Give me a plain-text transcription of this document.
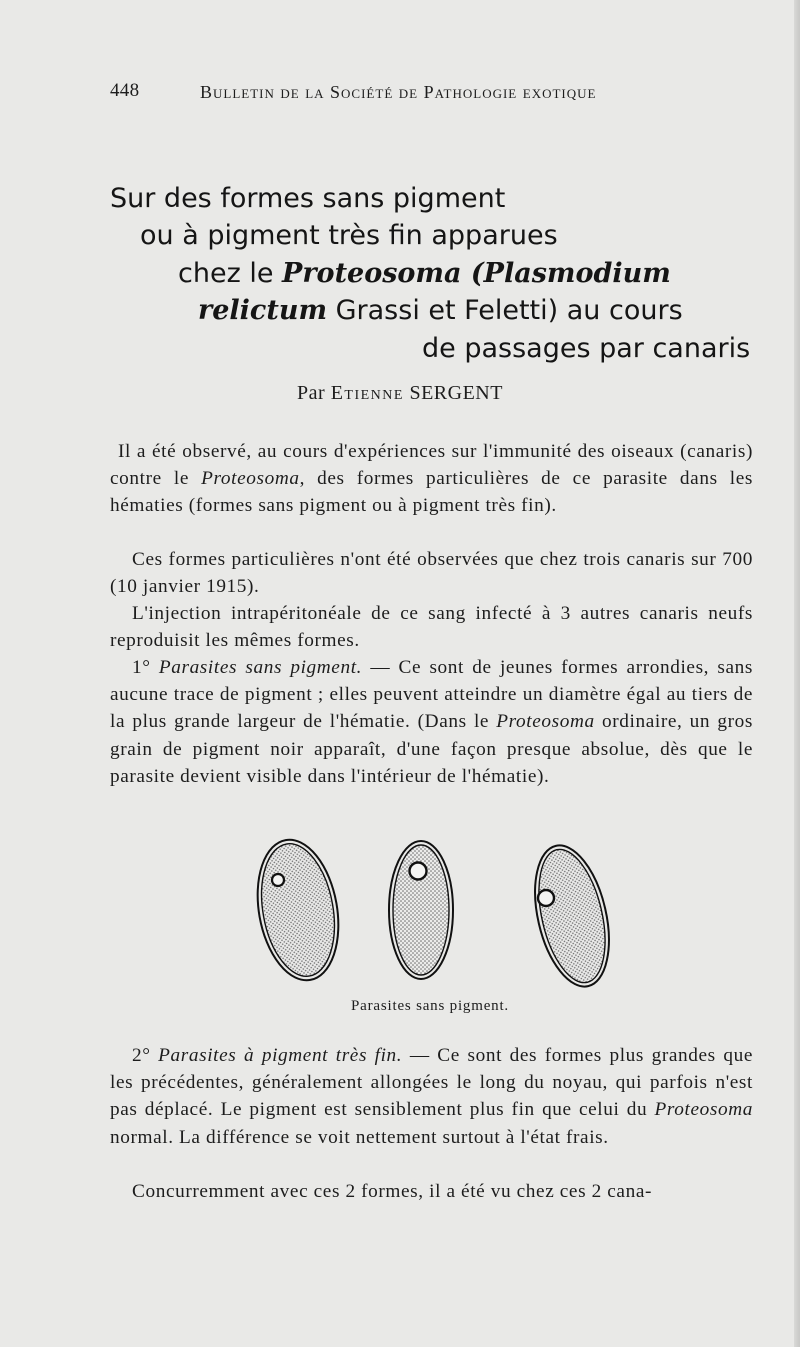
448	Bulletin de la Société de Pathologie exotique
Sur des formes sans pigment
ou à pigment très fin apparues
chez le Proteosoma (Plasmodium
relictum Grassi et Feletti) au cours
de passages par canaris
Par Etienne SERGENT
Il a été observé, au cours d'expériences sur l'immunité des oiseaux (canaris) contre le Proteosoma, des formes particulières de ce parasite dans les hématies (formes sans pigment ou à pigment très fin).
Ces formes particulières n'ont été observées que chez trois canaris sur 700 (10 janvier 1915).
L'injection intrapéritonéale de ce sang infecté à 3 autres canaris neufs reproduisit les mêmes formes.
1° Parasites sans pigment. — Ce sont de jeunes formes arrondies, sans aucune trace de pigment ; elles peuvent atteindre un diamètre égal au tiers de la plus grande largeur de l'hématie. (Dans le Proteosoma ordinaire, un gros grain de pigment noir apparaît, d'une façon presque absolue, dès que le parasite devient visible dans l'intérieur de l'hématie).
Parasites sans pigment.
2° Parasites à pigment très fin. — Ce sont des formes plus grandes que les précédentes, généralement allongées le long du noyau, qui parfois n'est pas déplacé. Le pigment est sensiblement plus fin que celui du Proteosoma normal. La différence se voit nettement surtout à l'état frais.
Concurremment avec ces 2 formes, il a été vu chez ces 2 cana-
